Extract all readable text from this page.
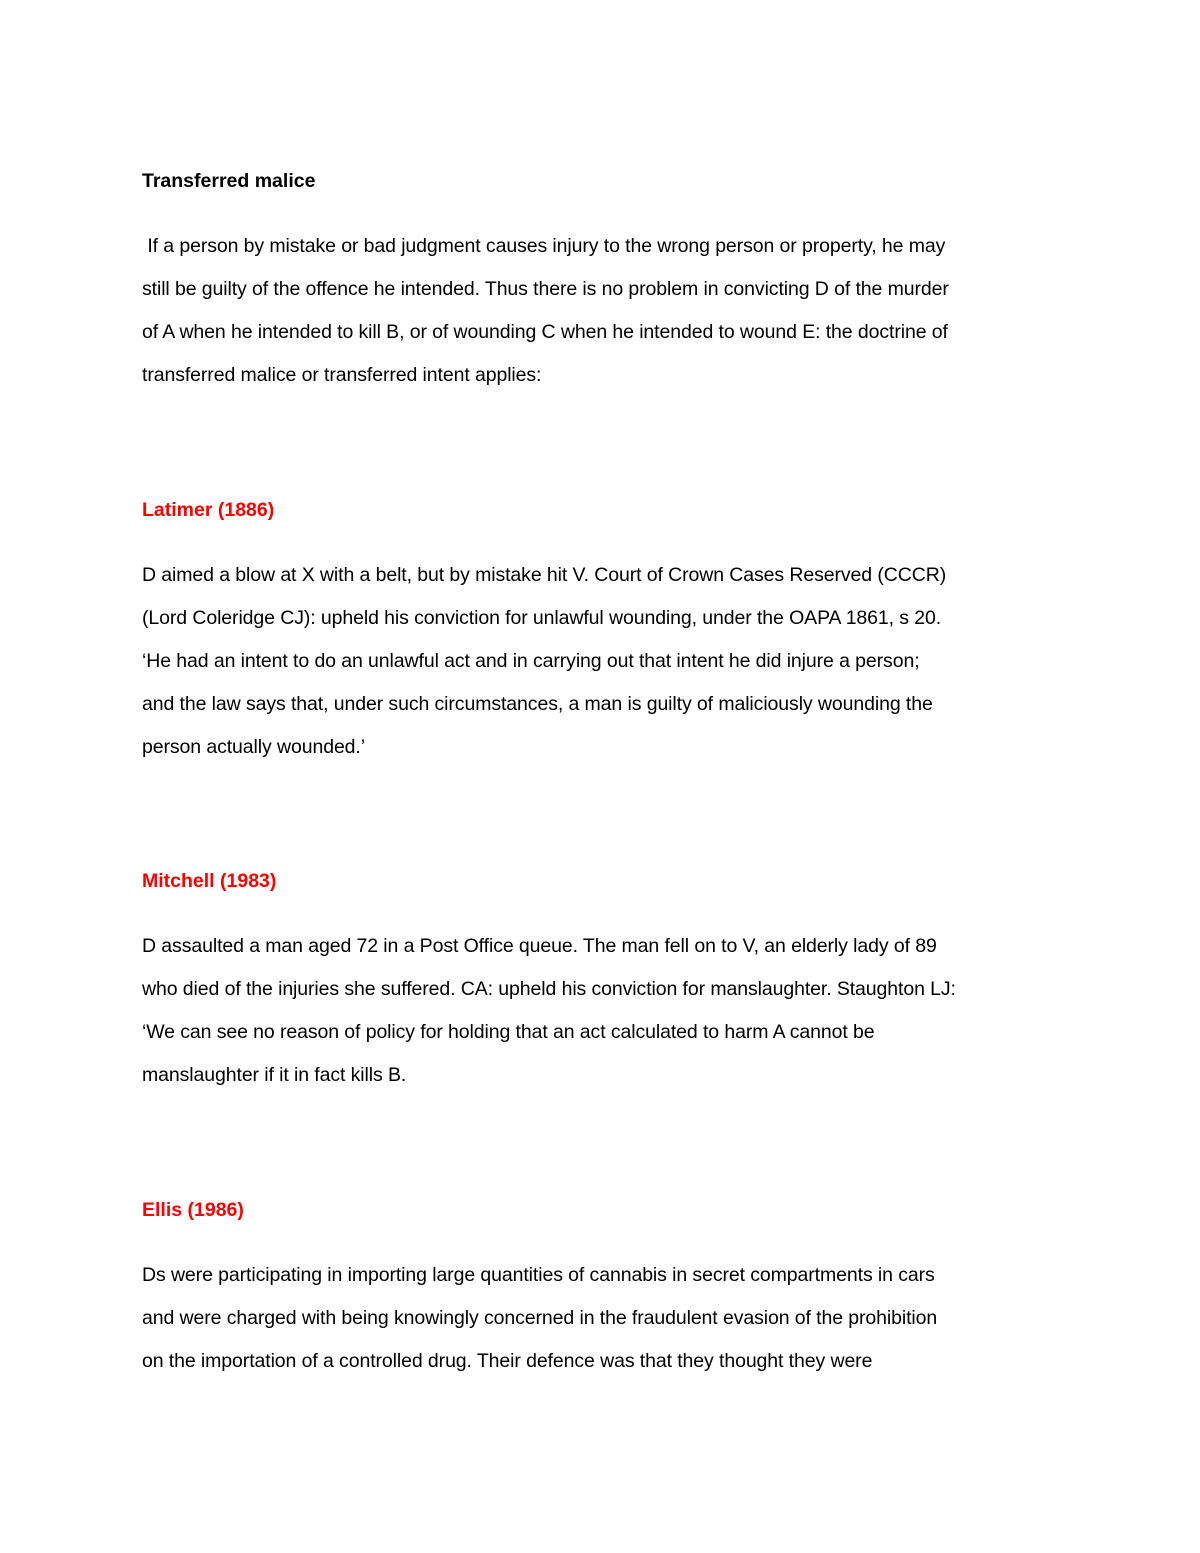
Transferred malice
If a person by mistake or bad judgment causes injury to the wrong person or property, he may
still be guilty of the offence he intended. Thus there is no problem in convicting D of the murder
of A when he intended to kill B, or of wounding C when he intended to wound E: the doctrine of
transferred malice or transferred intent applies:
Latimer (1886)
D aimed a blow at X with a belt, but by mistake hit V. Court of Crown Cases Reserved (CCCR)
(Lord Coleridge CJ): upheld his conviction for unlawful wounding, under the OAPA 1861, s 20.
‘He had an intent to do an unlawful act and in carrying out that intent he did injure a person;
and the law says that, under such circumstances, a man is guilty of maliciously wounding the
person actually wounded.’
Mitchell (1983)
D assaulted a man aged 72 in a Post Office queue. The man fell on to V, an elderly lady of 89
who died of the injuries she suffered. CA: upheld his conviction for manslaughter. Staughton LJ:
‘We can see no reason of policy for holding that an act calculated to harm A cannot be
manslaughter if it in fact kills B.
Ellis (1986)
Ds were participating in importing large quantities of cannabis in secret compartments in cars
and were charged with being knowingly concerned in the fraudulent evasion of the prohibition
on the importation of a controlled drug. Their defence was that they thought they were
